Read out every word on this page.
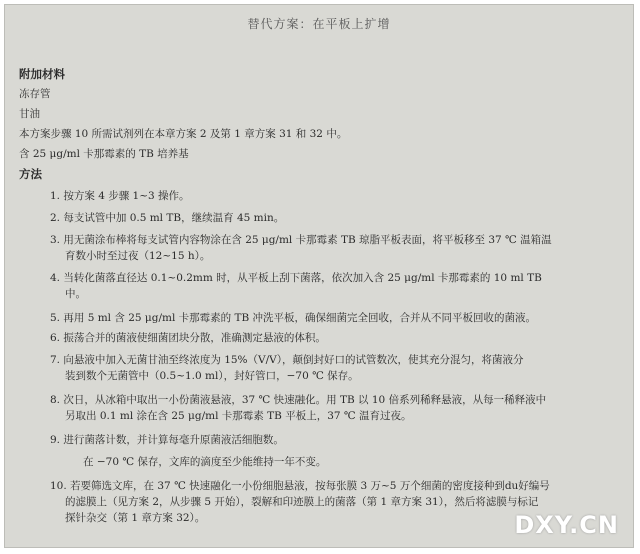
替代方案：在平板上扩增
附加材料
冻存管
甘油
本方案步骤 10 所需试剂列在本章方案 2 及第 1 章方案 31 和 32 中。
含 25 μg/ml 卡那霉素的 TB 培养基
方法
1. 按方案 4 步骤 1~3 操作。
2. 每支试管中加 0.5 ml TB，继续温育 45 min。
3. 用无菌涂布棒将每支试管内容物涂在含 25 μg/ml 卡那霉素 TB 琼脂平板表面，将平板移至 37 ℃ 温箱温
育数小时至过夜（12~15 h）。
4. 当转化菌落直径达 0.1~0.2mm 时，从平板上刮下菌落，依次加入含 25 μg/ml 卡那霉素的 10 ml TB
中。
5. 再用 5 ml 含 25 μg/ml 卡那霉素的 TB 冲洗平板，确保细菌完全回收，合并从不同平板回收的菌液。
6. 振荡合并的菌液使细菌团块分散，准确测定悬液的体积。
7. 向悬液中加入无菌甘油至终浓度为 15%（V/V），颠倒封好口的试管数次，使其充分混匀，将菌液分
装到数个无菌管中（0.5~1.0 ml），封好管口，−70 ℃ 保存。
8. 次日，从冰箱中取出一小份菌液悬液，37 ℃ 快速融化。用 TB 以 10 倍系列稀释悬液，从每一稀释液中
另取出 0.1 ml 涂在含 25 μg/ml 卡那霉素 TB 平板上，37 ℃ 温育过夜。
9. 进行菌落计数，并计算每毫升原菌液活细胞数。
在 −70 ℃ 保存，文库的滴度至少能维持一年不变。
10. 若要筛选文库，在 37 ℃ 快速融化一小份细胞悬液，按每张膜 3 万~5 万个细菌的密度接种到du好编号
的滤膜上（见方案 2，从步骤 5 开始），裂解和印迹膜上的菌落（第 1 章方案 31），然后将滤膜与标记
探针杂交（第 1 章方案 32）。	DXY.CN
